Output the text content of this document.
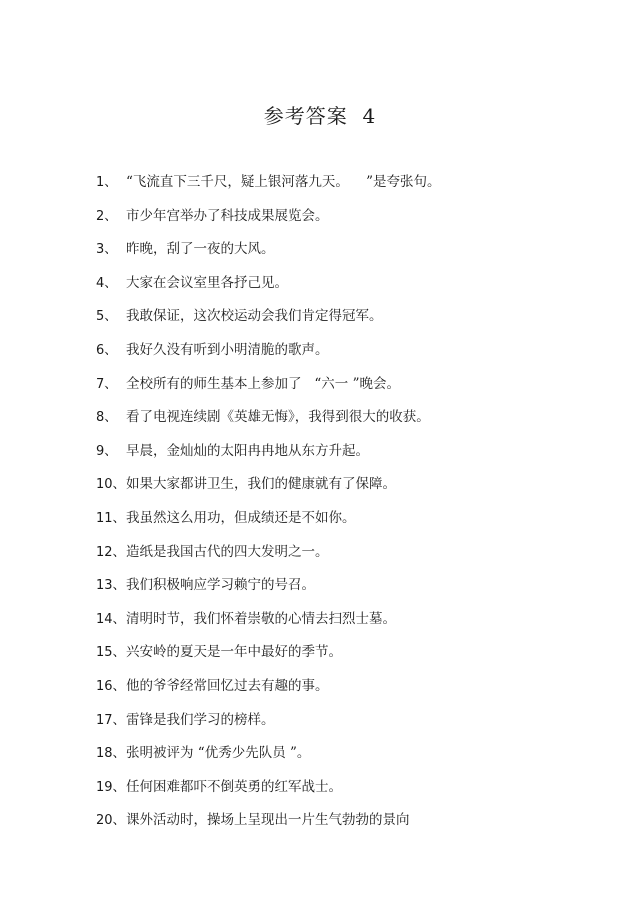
参考答案  4
1、 “飞流直下三千尺，疑上银河落九天。    ”是夸张句。
2、 市少年宫举办了科技成果展览会。
3、 昨晚，刮了一夜的大风。
4、 大家在会议室里各抒己见。
5、 我敢保证，这次校运动会我们肯定得冠军。
6、 我好久没有听到小明清脆的歌声。
7、 全校所有的师生基本上参加了   “六一 ”晚会。
8、 看了电视连续剧《英雄无悔》，我得到很大的收获。
9、 早晨，金灿灿的太阳冉冉地从东方升起。
10、如果大家都讲卫生，我们的健康就有了保障。
11、我虽然这么用功，但成绩还是不如你。
12、造纸是我国古代的四大发明之一。
13、我们积极响应学习赖宁的号召。
14、清明时节，我们怀着崇敬的心情去扫烈士墓。
15、兴安岭的夏天是一年中最好的季节。
16、他的爷爷经常回忆过去有趣的事。
17、雷锋是我们学习的榜样。
18、张明被评为 “优秀少先队员 ”。
19、任何困难都吓不倒英勇的红军战士。
20、课外活动时，操场上呈现出一片生气勃勃的景向
